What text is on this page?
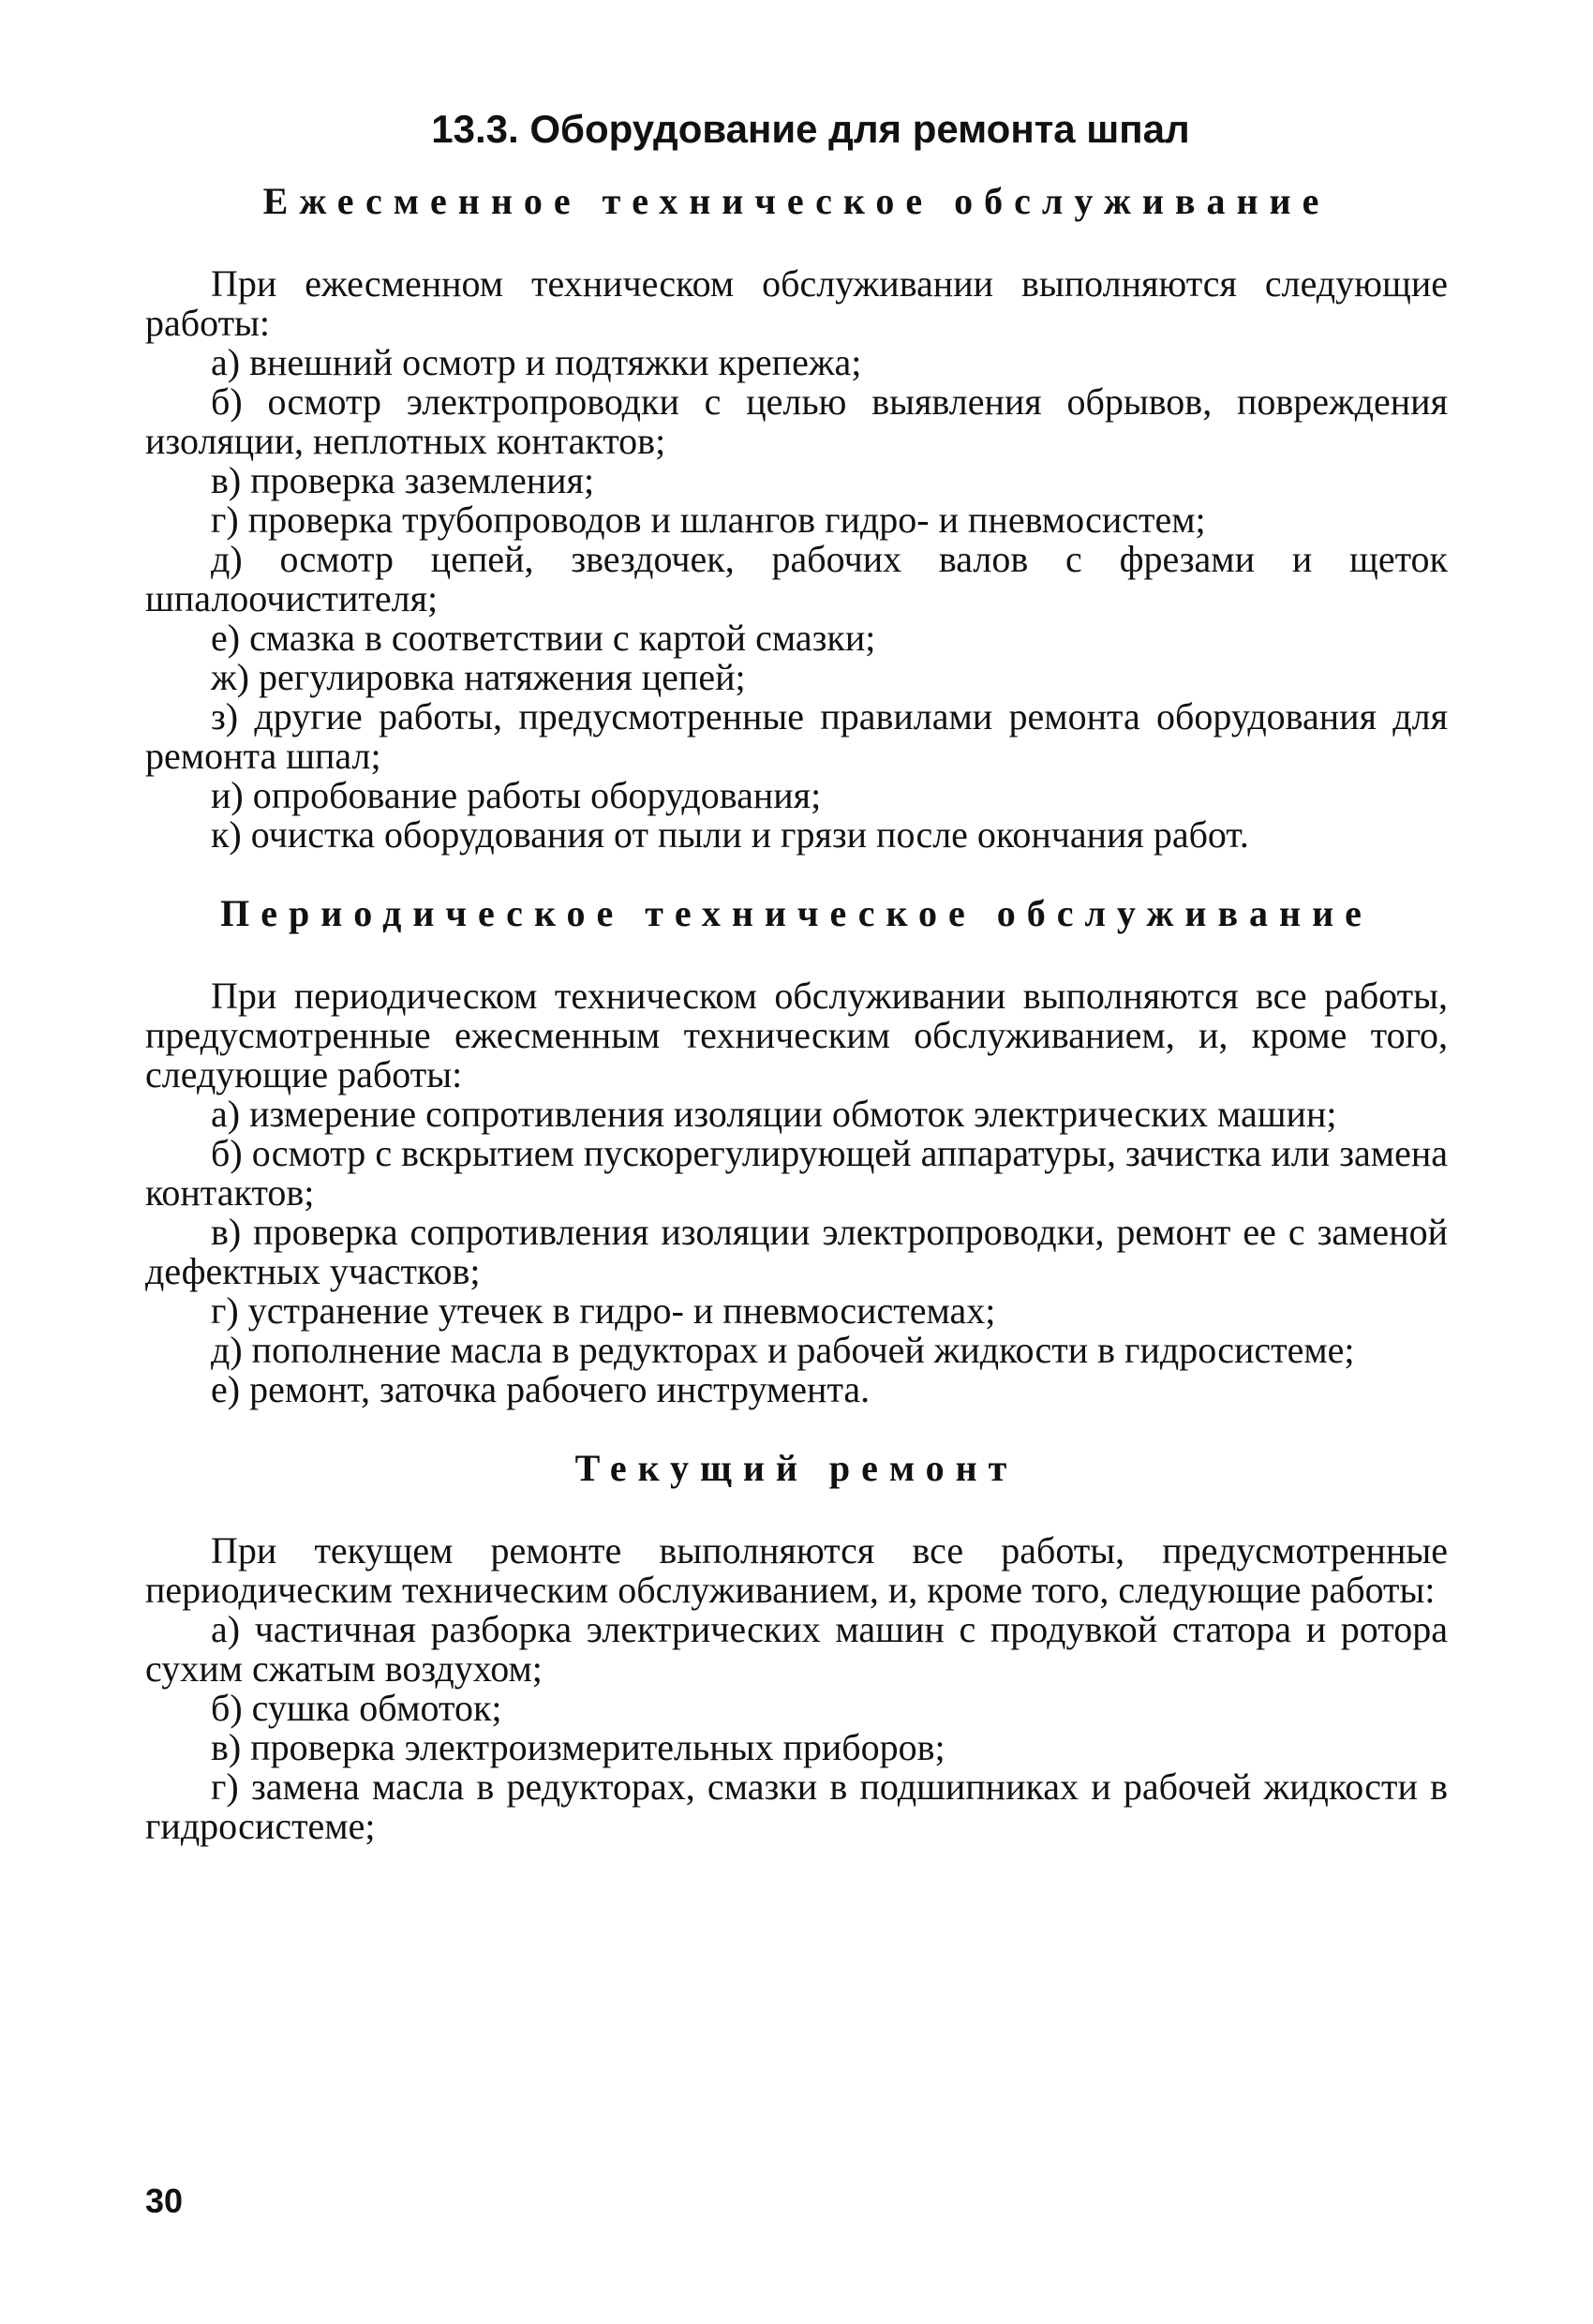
13.3. Оборудование для ремонта шпал
Ежесменное техническое обслуживание

При ежесменном техническом обслуживании выполняются следующие работы:

а) внешний осмотр и подтяжки крепежа;

б) осмотр электропроводки с целью выявления обрывов, повреждения изоляции, неплотных контактов;

в) проверка заземления;

г) проверка трубопроводов и шлангов гидро- и пневмосистем;

д) осмотр цепей, звездочек, рабочих валов с фрезами и щеток шпалоочистителя;

е) смазка в соответствии с картой смазки;

ж) регулировка натяжения цепей;

з) другие работы, предусмотренные правилами ремонта оборудования для ремонта шпал;

и) опробование работы оборудования;

к) очистка оборудования от пыли и грязи после окончания работ.

Периодическое техническое обслуживание

При периодическом техническом обслуживании выполняются все работы, предусмотренные ежесменным техническим обслуживанием, и, кроме того, следующие работы:

а) измерение сопротивления изоляции обмоток электрических машин;

б) осмотр с вскрытием пускорегулирующей аппаратуры, зачистка или замена контактов;

в) проверка сопротивления изоляции электропроводки, ремонт ее с заменой дефектных участков;

г) устранение утечек в гидро- и пневмосистемах;

д) пополнение масла в редукторах и рабочей жидкости в гидросистеме;

е) ремонт, заточка рабочего инструмента.

Текущий ремонт

При текущем ремонте выполняются все работы, предусмотренные периодическим техническим обслуживанием, и, кроме того, следующие работы:

а) частичная разборка электрических машин с продувкой статора и ротора сухим сжатым воздухом;

б) сушка обмоток;

в) проверка электроизмерительных приборов;

г) замена масла в редукторах, смазки в подшипниках и рабочей жидкости в гидросистеме;

30
